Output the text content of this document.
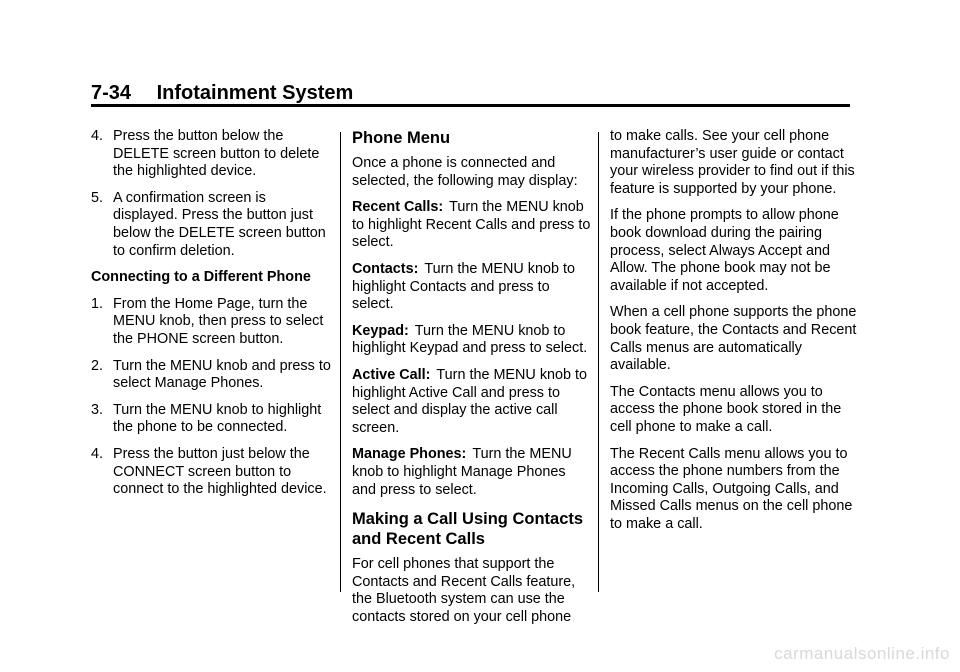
7-34 Infotainment System
4. Press the button below the DELETE screen button to delete the highlighted device.
5. A confirmation screen is displayed. Press the button just below the DELETE screen button to confirm deletion.

Connecting to a Different Phone

1. From the Home Page, turn the MENU knob, then press to select the PHONE screen button.
2. Turn the MENU knob and press to select Manage Phones.
3. Turn the MENU knob to highlight the phone to be connected.
4. Press the button just below the CONNECT screen button to connect to the highlighted device.
Phone Menu

Once a phone is connected and selected, the following may display:

Recent Calls: Turn the MENU knob to highlight Recent Calls and press to select.

Contacts: Turn the MENU knob to highlight Contacts and press to select.

Keypad: Turn the MENU knob to highlight Keypad and press to select.

Active Call: Turn the MENU knob to highlight Active Call and press to select and display the active call screen.

Manage Phones: Turn the MENU knob to highlight Manage Phones and press to select.

Making a Call Using Contacts and Recent Calls

For cell phones that support the Contacts and Recent Calls feature, the Bluetooth system can use the contacts stored on your cell phone

to make calls. See your cell phone manufacturer’s user guide or contact your wireless provider to find out if this feature is supported by your phone.

If the phone prompts to allow phone book download during the pairing process, select Always Accept and Allow. The phone book may not be available if not accepted.

When a cell phone supports the phone book feature, the Contacts and Recent Calls menus are automatically available.

The Contacts menu allows you to access the phone book stored in the cell phone to make a call.

The Recent Calls menu allows you to access the phone numbers from the Incoming Calls, Outgoing Calls, and Missed Calls menus on the cell phone to make a call.

carmanualsonline.info
